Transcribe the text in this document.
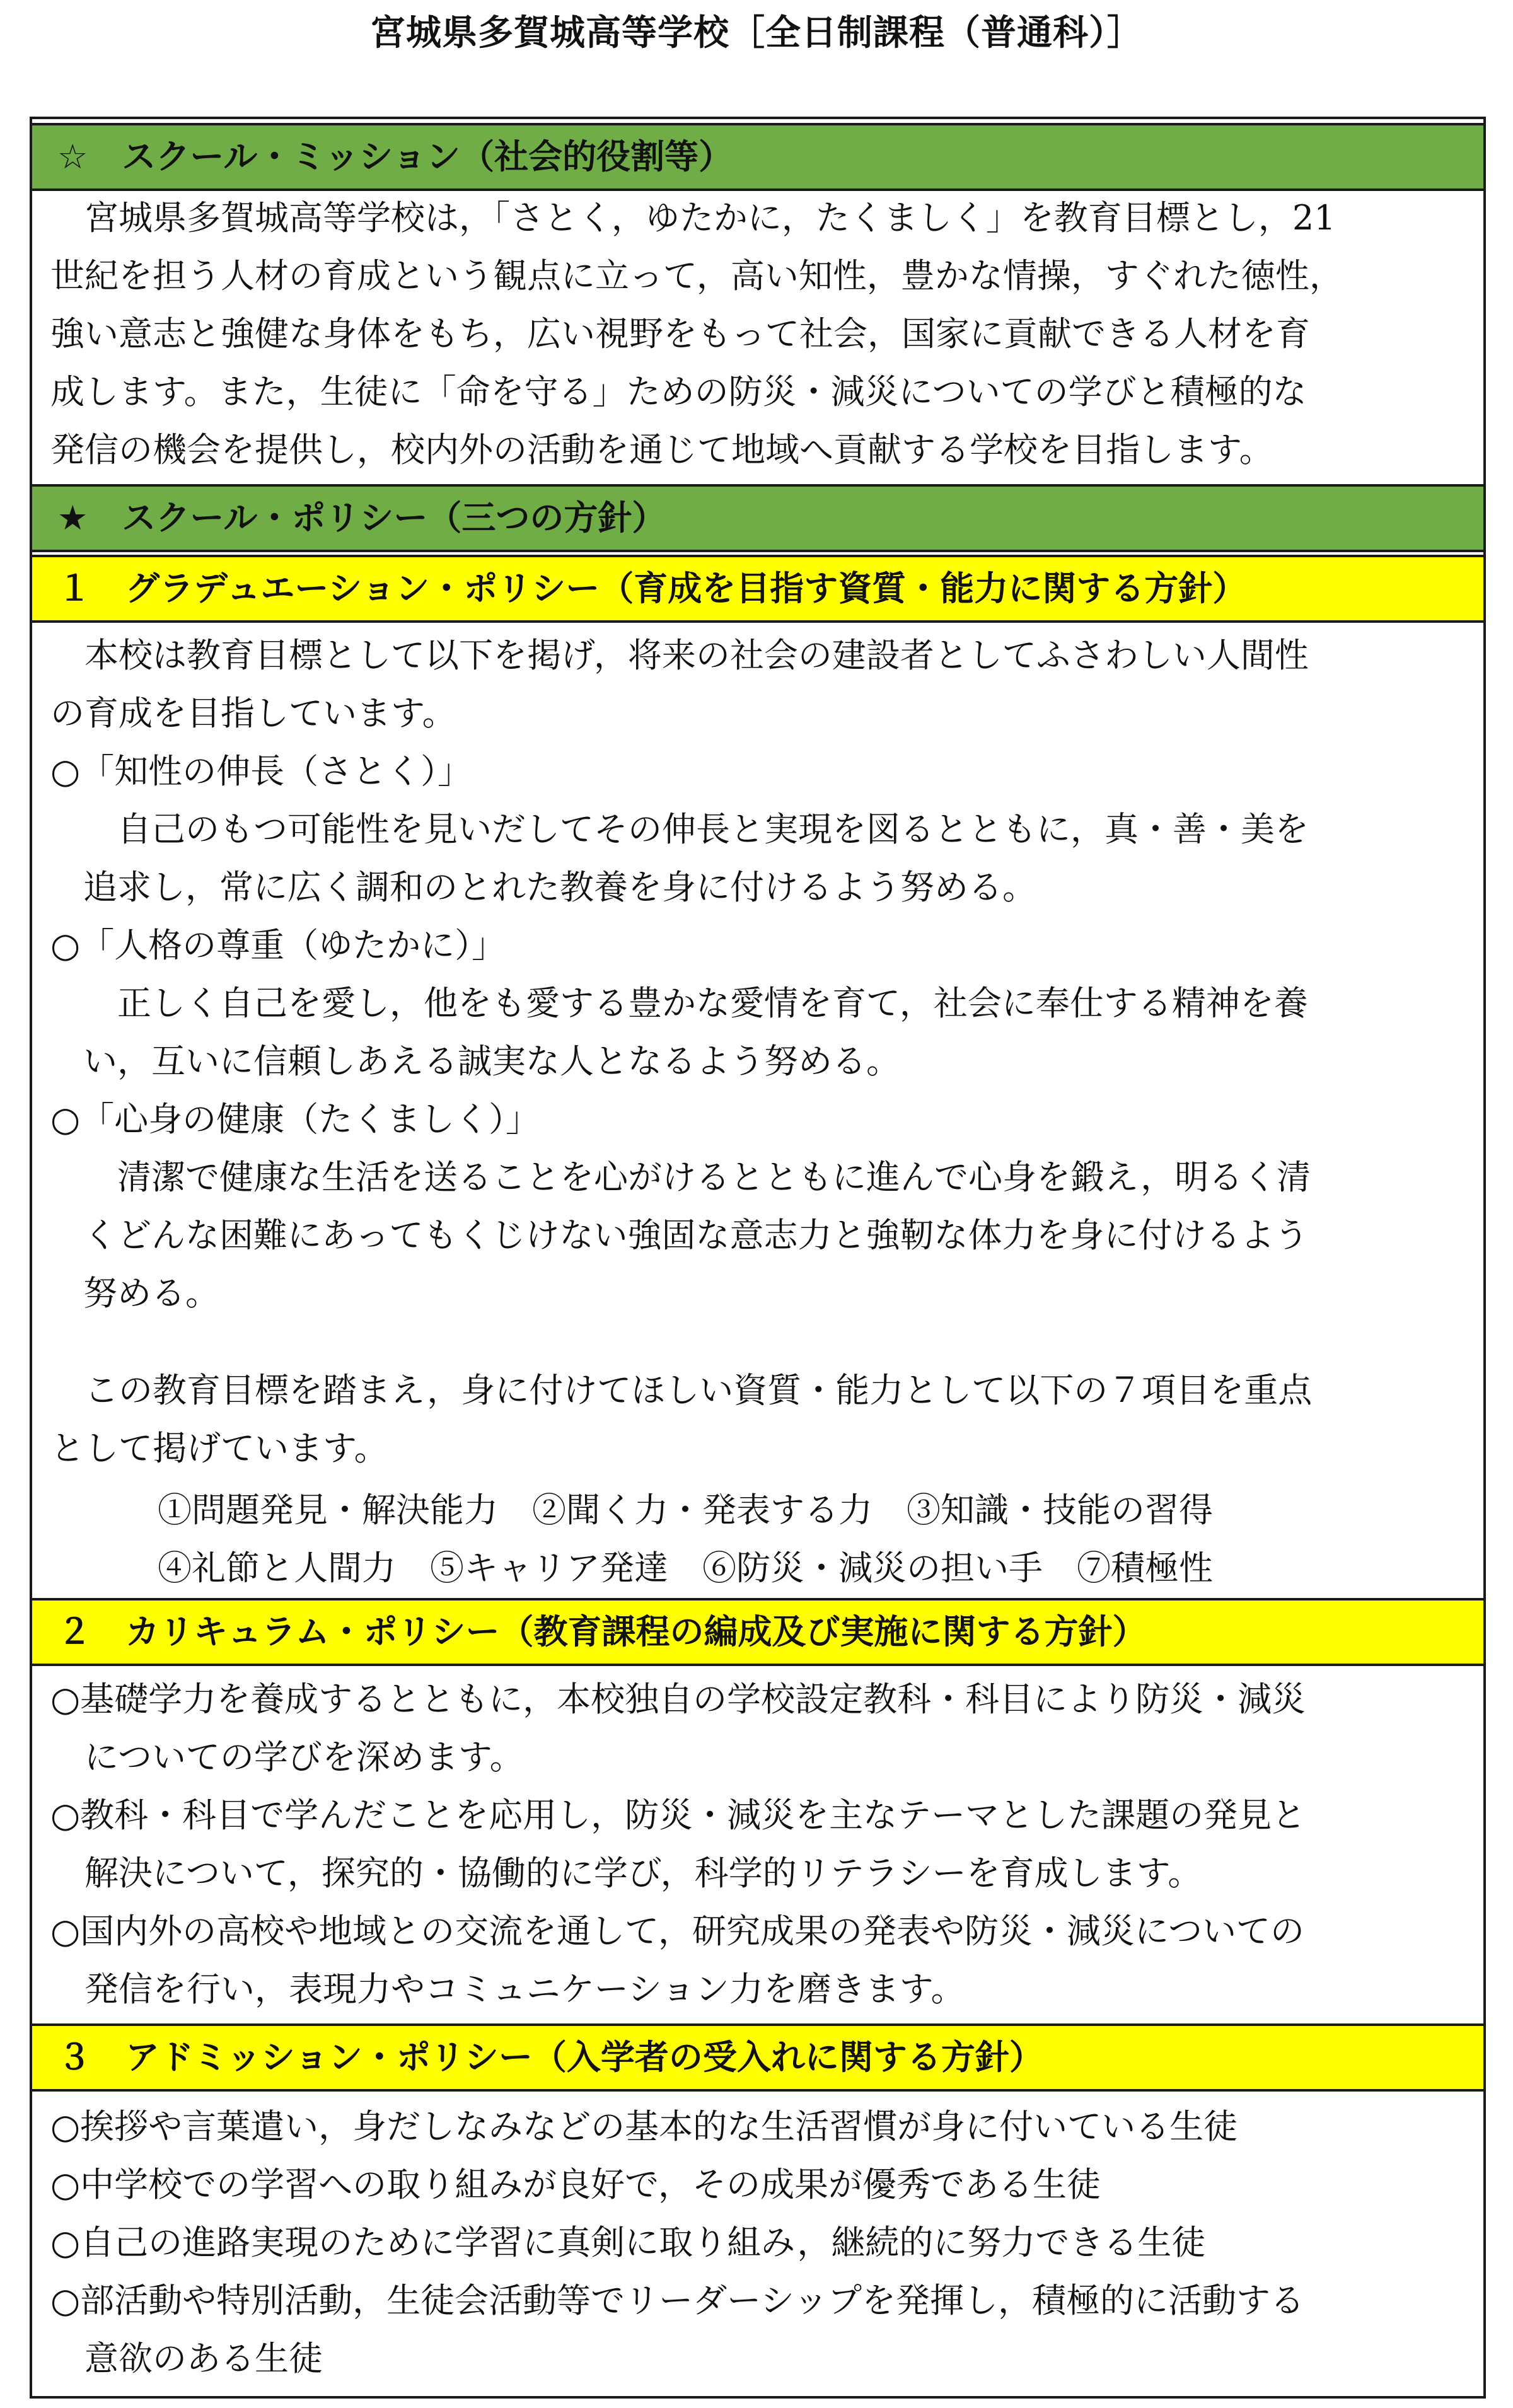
宮城県多賀城高等学校［全日制課程（普通科）］
☆　スクール・ミッション（社会的役割等）
　宮城県多賀城高等学校は，「さとく，ゆたかに，たくましく」を教育目標とし，21
世紀を担う人材の育成という観点に立って，高い知性，豊かな情操，すぐれた徳性，
強い意志と強健な身体をもち，広い視野をもって社会，国家に貢献できる人材を育
成します。また，生徒に「命を守る」ための防災・減災についての学びと積極的な
発信の機会を提供し，校内外の活動を通じて地域へ貢献する学校を目指します。
★　スクール・ポリシー（三つの方針）
１　グラデュエーション・ポリシー（育成を目指す資質・能力に関する方針）
　本校は教育目標として以下を掲げ，将来の社会の建設者としてふさわしい人間性
の育成を目指しています。
○「知性の伸長（さとく）」
　自己のもつ可能性を見いだしてその伸長と実現を図るとともに，真・善・美を
追求し，常に広く調和のとれた教養を身に付けるよう努める。
○「人格の尊重（ゆたかに）」
　正しく自己を愛し，他をも愛する豊かな愛情を育て，社会に奉仕する精神を養
い，互いに信頼しあえる誠実な人となるよう努める。
○「心身の健康（たくましく）」
　清潔で健康な生活を送ることを心がけるとともに進んで心身を鍛え，明るく清
くどんな困難にあってもくじけない強固な意志力と強靭な体力を身に付けるよう
努める。
　この教育目標を踏まえ，身に付けてほしい資質・能力として以下の７項目を重点
として掲げています。
①問題発見・解決能力　②聞く力・発表する力　③知識・技能の習得
④礼節と人間力　⑤キャリア発達　⑥防災・減災の担い手　⑦積極性
２　カリキュラム・ポリシー（教育課程の編成及び実施に関する方針）
○基礎学力を養成するとともに，本校独自の学校設定教科・科目により防災・減災
についての学びを深めます。
○教科・科目で学んだことを応用し，防災・減災を主なテーマとした課題の発見と
解決について，探究的・協働的に学び，科学的リテラシーを育成します。
○国内外の高校や地域との交流を通して，研究成果の発表や防災・減災についての
発信を行い，表現力やコミュニケーション力を磨きます。
３　アドミッション・ポリシー（入学者の受入れに関する方針）
○挨拶や言葉遣い，身だしなみなどの基本的な生活習慣が身に付いている生徒
○中学校での学習への取り組みが良好で，その成果が優秀である生徒
○自己の進路実現のために学習に真剣に取り組み，継続的に努力できる生徒
○部活動や特別活動，生徒会活動等でリーダーシップを発揮し，積極的に活動する
意欲のある生徒
